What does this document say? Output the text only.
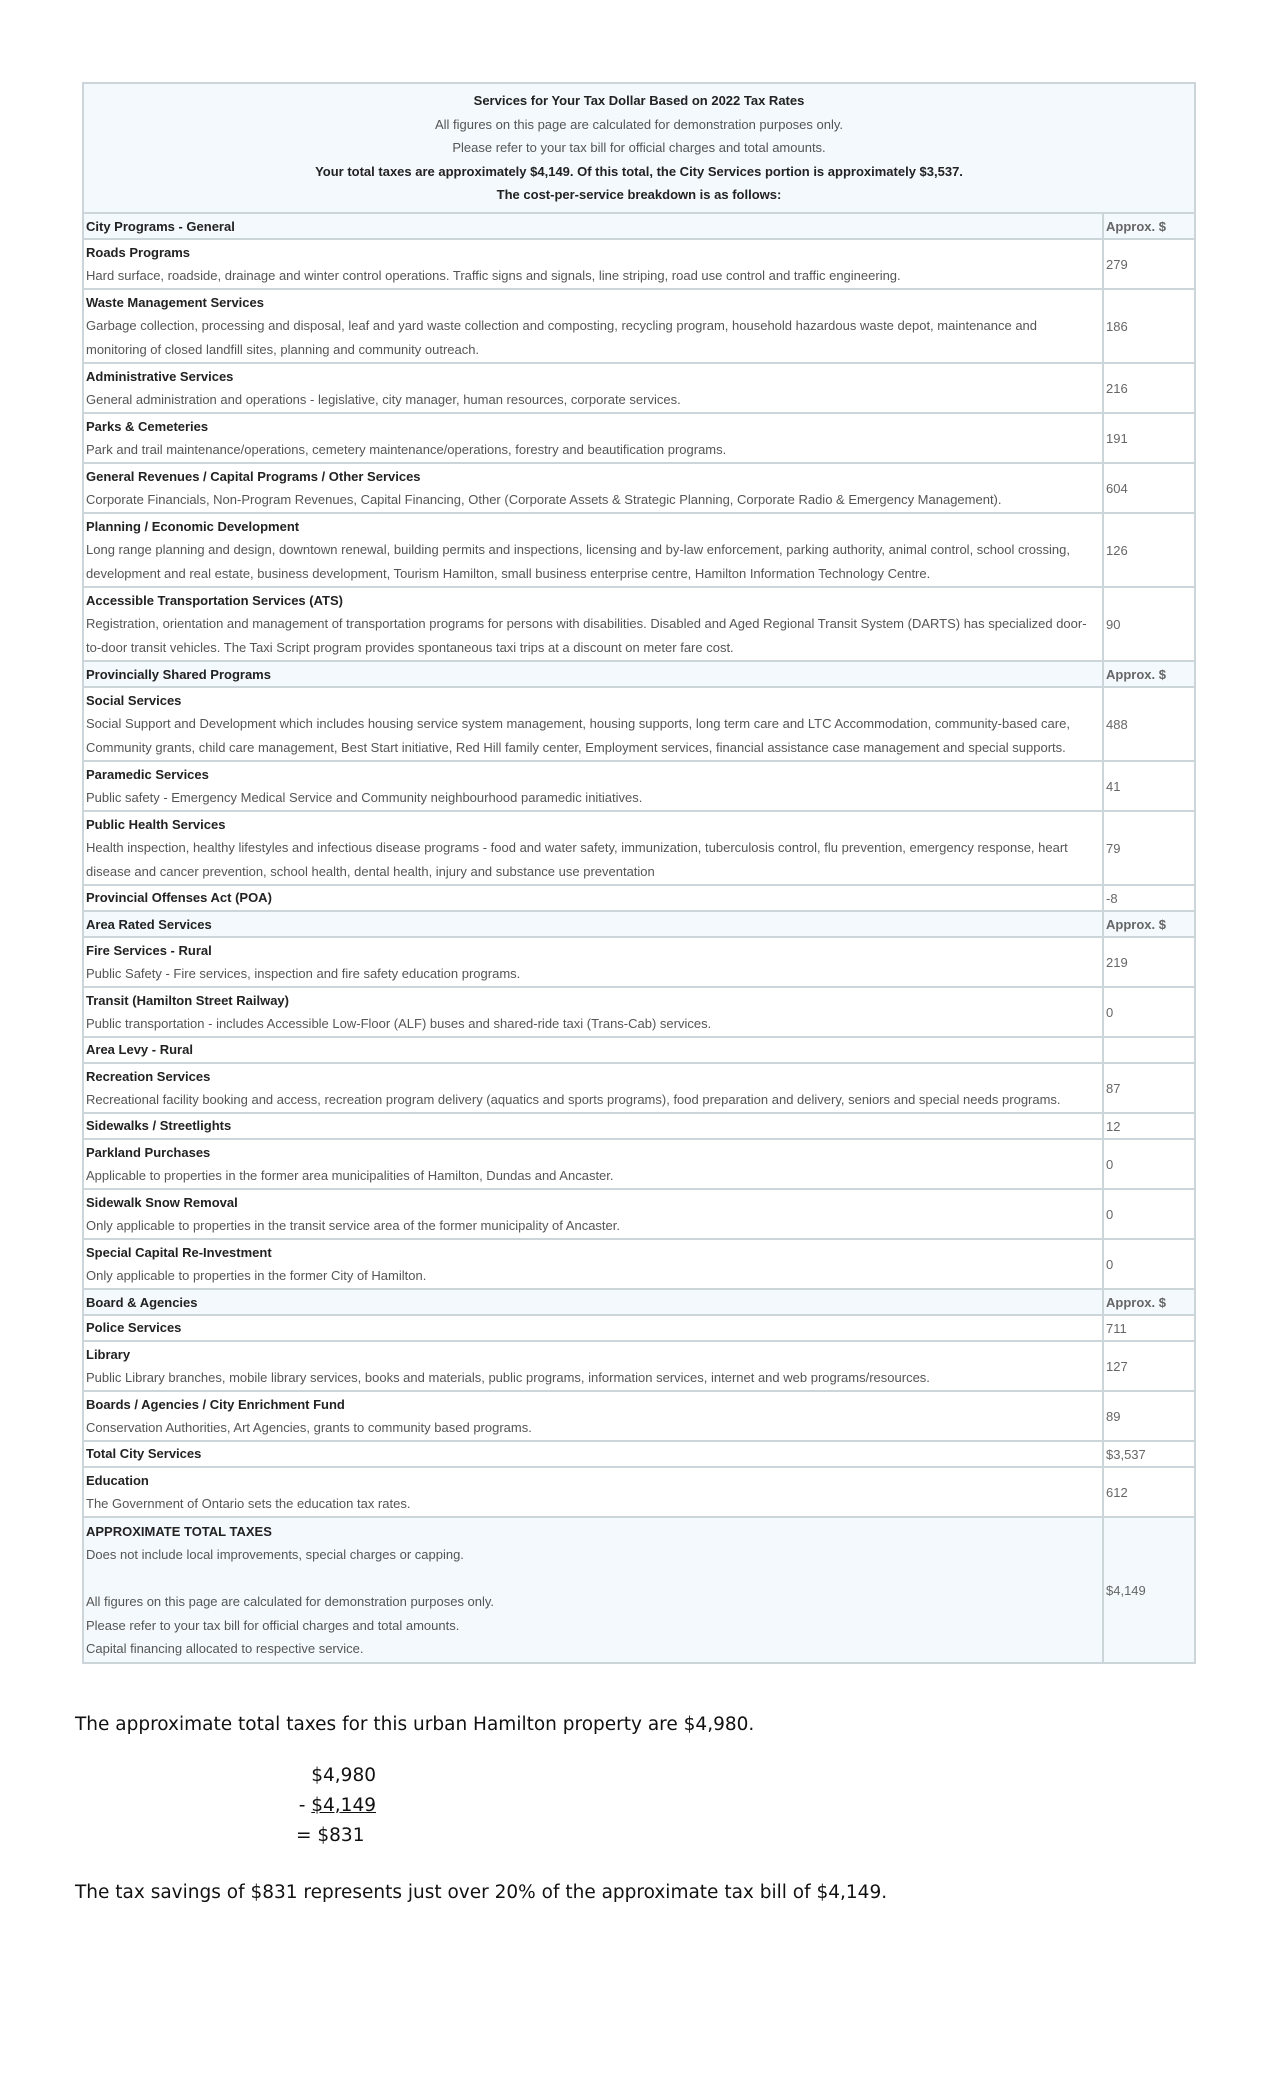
Services for Your Tax Dollar Based on 2022 Tax Rates
All figures on this page are calculated for demonstration purposes only.
Please refer to your tax bill for official charges and total amounts.
Your total taxes are approximately $4,149. Of this total, the City Services portion is approximately $3,537.
The cost-per-service breakdown is as follows:	

City Programs - General	Approx. $

Roads Programs
Hard surface, roadside, drainage and winter control operations. Traffic signs and signals, line striping, road use control and traffic engineering.	279

Waste Management Services
Garbage collection, processing and disposal, leaf and yard waste collection and composting, recycling program, household hazardous waste depot, maintenance and monitoring of closed landfill sites, planning and community outreach.	186

Administrative Services
General administration and operations - legislative, city manager, human resources, corporate services.	216

Parks & Cemeteries
Park and trail maintenance/operations, cemetery maintenance/operations, forestry and beautification programs.	191

General Revenues / Capital Programs / Other Services
Corporate Financials, Non-Program Revenues, Capital Financing, Other (Corporate Assets & Strategic Planning, Corporate Radio & Emergency Management).	604

Planning / Economic Development
Long range planning and design, downtown renewal, building permits and inspections, licensing and by-law enforcement, parking authority, animal control, school crossing, development and real estate, business development, Tourism Hamilton, small business enterprise centre, Hamilton Information Technology Centre.	126

Accessible Transportation Services (ATS)
Registration, orientation and management of transportation programs for persons with disabilities. Disabled and Aged Regional Transit System (DARTS) has specialized door-to-door transit vehicles. The Taxi Script program provides spontaneous taxi trips at a discount on meter fare cost.	90
Provincially Shared Programs	Approx. $

Social Services
Social Support and Development which includes housing service system management, housing supports, long term care and LTC Accommodation, community-based care, Community grants, child care management, Best Start initiative, Red Hill family center, Employment services, financial assistance case management and special supports.	488

Paramedic Services
Public safety - Emergency Medical Service and Community neighbourhood paramedic initiatives.	41

Public Health Services
Health inspection, healthy lifestyles and infectious disease programs - food and water safety, immunization, tuberculosis control, flu prevention, emergency response, heart disease and cancer prevention, school health, dental health, injury and substance use preventation	79

Provincial Offenses Act (POA)	-8
Area Rated Services	Approx. $

Fire Services - Rural
Public Safety - Fire services, inspection and fire safety education programs.	219

Transit (Hamilton Street Railway)
Public transportation - includes Accessible Low-Floor (ALF) buses and shared-ride taxi (Trans-Cab) services.	0

Area Levy - Rural	

Recreation Services
Recreational facility booking and access, recreation program delivery (aquatics and sports programs), food preparation and delivery, seniors and special needs programs.	87

Sidewalks / Streetlights	12

Parkland Purchases
Applicable to properties in the former area municipalities of Hamilton, Dundas and Ancaster.	0

Sidewalk Snow Removal
Only applicable to properties in the transit service area of the former municipality of Ancaster.	0

Special Capital Re-Investment
Only applicable to properties in the former City of Hamilton.	0
Board & Agencies	Approx. $

Police Services	711

Library
Public Library branches, mobile library services, books and materials, public programs, information services, internet and web programs/resources.	127

Boards / Agencies / City Enrichment Fund
Conservation Authorities, Art Agencies, grants to community based programs.	89

Total City Services	$3,537

Education
The Government of Ontario sets the education tax rates.	612

APPROXIMATE TOTAL TAXES
Does not include local improvements, special charges or capping.

All figures on this page are calculated for demonstration purposes only.
Please refer to your tax bill for official charges and total amounts.
Capital financing allocated to respective service.	$4,149
The approximate total taxes for this urban Hamilton property are $4,980.
$4,980
- $4,149
= $831
The tax savings of $831 represents just over 20% of the approximate tax bill of $4,149.
